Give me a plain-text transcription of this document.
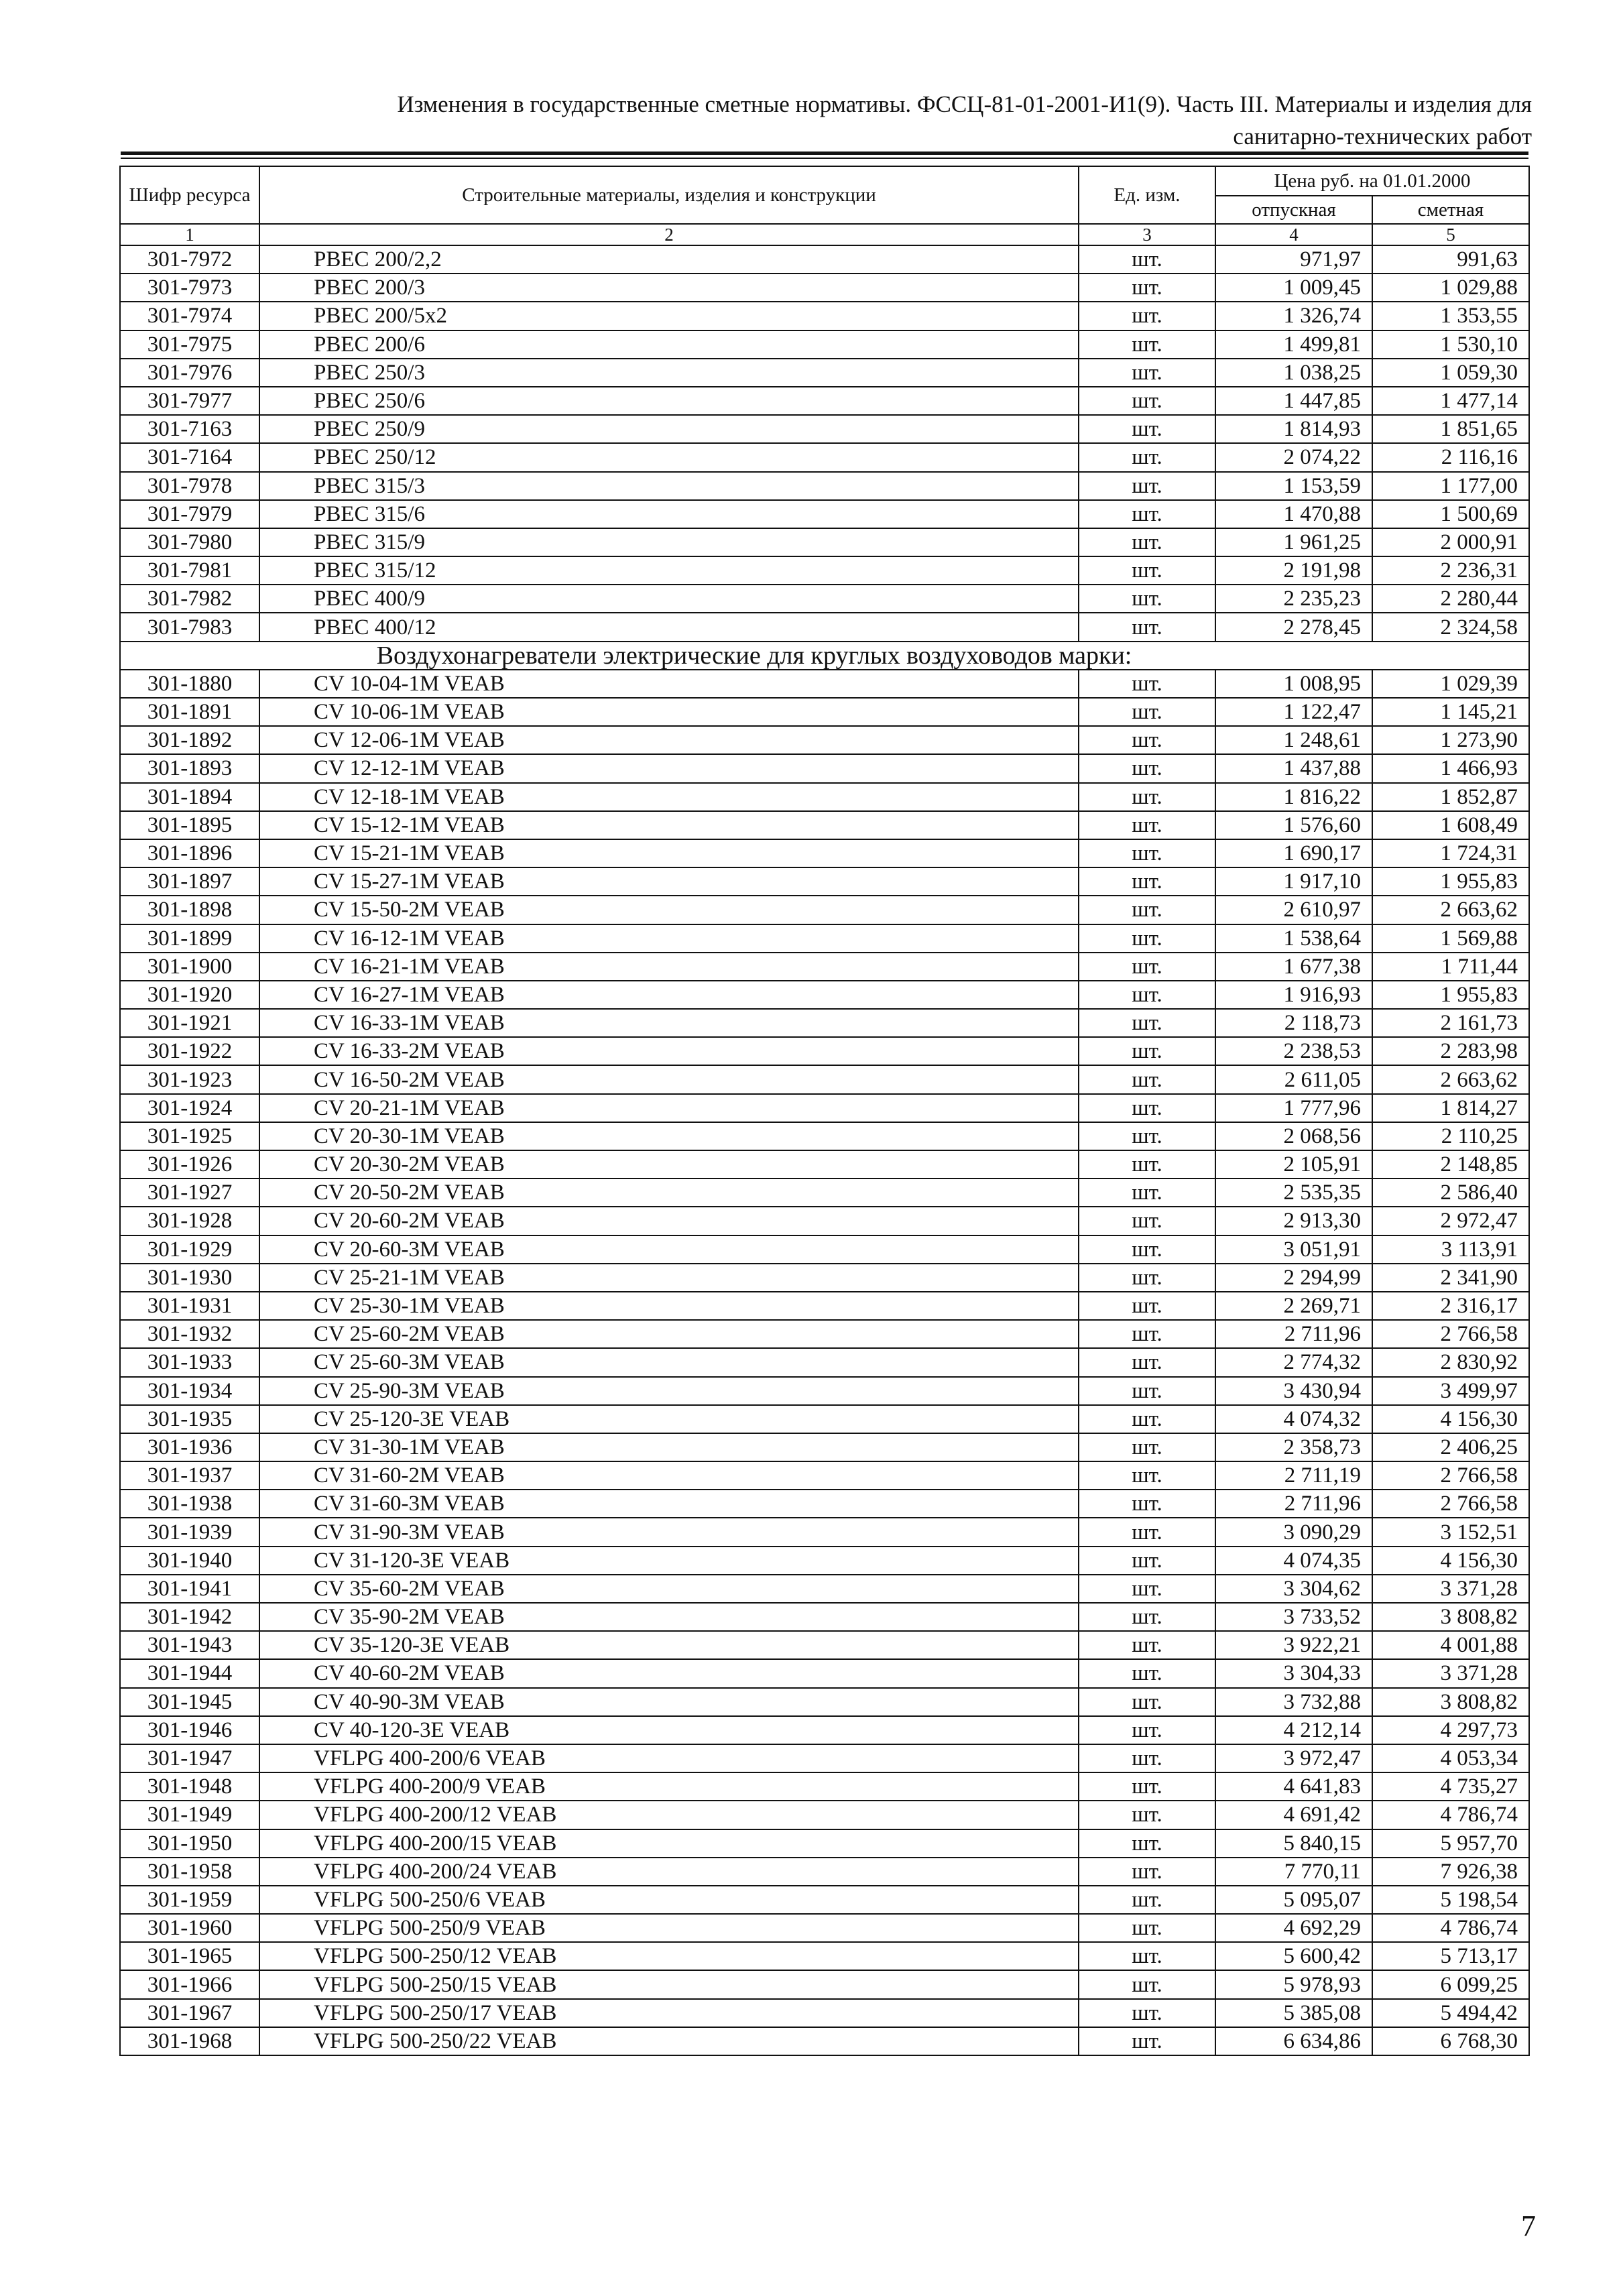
Изменения в государственные сметные нормативы. ФССЦ-81-01-2001-И1(9). Часть III. Материалы и изделия для
санитарно-технических работ
Шифр ресурса	Строительные материалы, изделия и конструкции	Ед. изм.	Цена руб. на 01.01.2000	
			отпускная	сметная
1	2	3	4	5
301-7972	РВЕС 200/2,2	шт.	971,97	991,63
301-7973	РВЕС 200/3	шт.	1 009,45	1 029,88
301-7974	РВЕС 200/5x2	шт.	1 326,74	1 353,55
301-7975	РВЕС 200/6	шт.	1 499,81	1 530,10
301-7976	РВЕС 250/3	шт.	1 038,25	1 059,30
301-7977	РВЕС 250/6	шт.	1 447,85	1 477,14
301-7163	РВЕС 250/9	шт.	1 814,93	1 851,65
301-7164	РВЕС 250/12	шт.	2 074,22	2 116,16
301-7978	РВЕС 315/3	шт.	1 153,59	1 177,00
301-7979	РВЕС 315/6	шт.	1 470,88	1 500,69
301-7980	РВЕС 315/9	шт.	1 961,25	2 000,91
301-7981	РВЕС 315/12	шт.	2 191,98	2 236,31
301-7982	РВЕС 400/9	шт.	2 235,23	2 280,44
301-7983	РВЕС 400/12	шт.	2 278,45	2 324,58
Воздухонагреватели электрические для круглых воздуховодов марки:				
301-1880	CV 10-04-1M VEAB	шт.	1 008,95	1 029,39
301-1891	CV 10-06-1M VEAB	шт.	1 122,47	1 145,21
301-1892	CV 12-06-1M VEAB	шт.	1 248,61	1 273,90
301-1893	CV 12-12-1M VEAB	шт.	1 437,88	1 466,93
301-1894	CV 12-18-1M VEAB	шт.	1 816,22	1 852,87
301-1895	CV 15-12-1M VEAB	шт.	1 576,60	1 608,49
301-1896	CV 15-21-1M VEAB	шт.	1 690,17	1 724,31
301-1897	CV 15-27-1M VEAB	шт.	1 917,10	1 955,83
301-1898	CV 15-50-2M VEAB	шт.	2 610,97	2 663,62
301-1899	CV 16-12-1M VEAB	шт.	1 538,64	1 569,88
301-1900	CV 16-21-1M VEAB	шт.	1 677,38	1 711,44
301-1920	CV 16-27-1M VEAB	шт.	1 916,93	1 955,83
301-1921	CV 16-33-1M VEAB	шт.	2 118,73	2 161,73
301-1922	CV 16-33-2M VEAB	шт.	2 238,53	2 283,98
301-1923	CV 16-50-2M VEAB	шт.	2 611,05	2 663,62
301-1924	CV 20-21-1M VEAB	шт.	1 777,96	1 814,27
301-1925	CV 20-30-1M VEAB	шт.	2 068,56	2 110,25
301-1926	CV 20-30-2M VEAB	шт.	2 105,91	2 148,85
301-1927	CV 20-50-2M VEAB	шт.	2 535,35	2 586,40
301-1928	CV 20-60-2M VEAB	шт.	2 913,30	2 972,47
301-1929	CV 20-60-3M VEAB	шт.	3 051,91	3 113,91
301-1930	CV 25-21-1M VEAB	шт.	2 294,99	2 341,90
301-1931	CV 25-30-1M VEAB	шт.	2 269,71	2 316,17
301-1932	CV 25-60-2M VEAB	шт.	2 711,96	2 766,58
301-1933	CV 25-60-3M VEAB	шт.	2 774,32	2 830,92
301-1934	CV 25-90-3M VEAB	шт.	3 430,94	3 499,97
301-1935	CV 25-120-3E VEAB	шт.	4 074,32	4 156,30
301-1936	CV 31-30-1M VEAB	шт.	2 358,73	2 406,25
301-1937	CV 31-60-2M VEAB	шт.	2 711,19	2 766,58
301-1938	CV 31-60-3M VEAB	шт.	2 711,96	2 766,58
301-1939	CV 31-90-3M VEAB	шт.	3 090,29	3 152,51
301-1940	CV 31-120-3E VEAB	шт.	4 074,35	4 156,30
301-1941	CV 35-60-2M VEAB	шт.	3 304,62	3 371,28
301-1942	CV 35-90-2M VEAB	шт.	3 733,52	3 808,82
301-1943	CV 35-120-3E VEAB	шт.	3 922,21	4 001,88
301-1944	CV 40-60-2M VEAB	шт.	3 304,33	3 371,28
301-1945	CV 40-90-3M VEAB	шт.	3 732,88	3 808,82
301-1946	CV 40-120-3E VEAB	шт.	4 212,14	4 297,73
301-1947	VFLPG 400-200/6 VEAB	шт.	3 972,47	4 053,34
301-1948	VFLPG 400-200/9 VEAB	шт.	4 641,83	4 735,27
301-1949	VFLPG 400-200/12 VEAB	шт.	4 691,42	4 786,74
301-1950	VFLPG 400-200/15 VEAB	шт.	5 840,15	5 957,70
301-1958	VFLPG 400-200/24 VEAB	шт.	7 770,11	7 926,38
301-1959	VFLPG 500-250/6 VEAB	шт.	5 095,07	5 198,54
301-1960	VFLPG 500-250/9 VEAB	шт.	4 692,29	4 786,74
301-1965	VFLPG 500-250/12 VEAB	шт.	5 600,42	5 713,17
301-1966	VFLPG 500-250/15 VEAB	шт.	5 978,93	6 099,25
301-1967	VFLPG 500-250/17 VEAB	шт.	5 385,08	5 494,42
301-1968	VFLPG 500-250/22 VEAB	шт.	6 634,86	6 768,30
7
